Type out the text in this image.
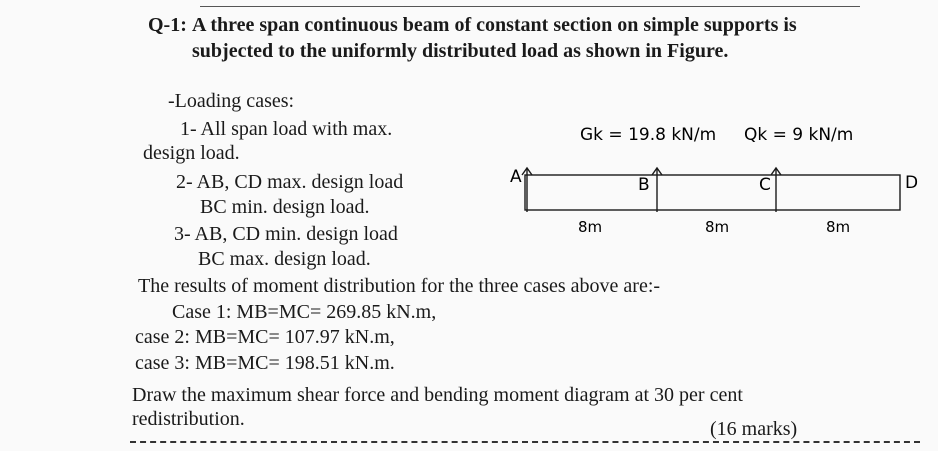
Q-1: A three span continuous beam of constant section on simple supports is
subjected to the uniformly distributed load as shown in Figure.
-Loading cases:
1- All span load with max.
design load.
2- AB, CD max. design load
BC min. design load.
3- AB, CD min. design load
BC max. design load.
A	B	C	D
Gk = 19.8 kN/m Qk = 9 kN/m
8m	8m	8m
The results of moment distribution for the three cases above are:-
Case 1: MB=MC= 269.85 kN.m,
case 2: MB=MC= 107.97 kN.m,
case 3: MB=MC= 198.51 kN.m.
Draw the maximum shear force and bending moment diagram at 30 per cent
redistribution.	(16 marks)
